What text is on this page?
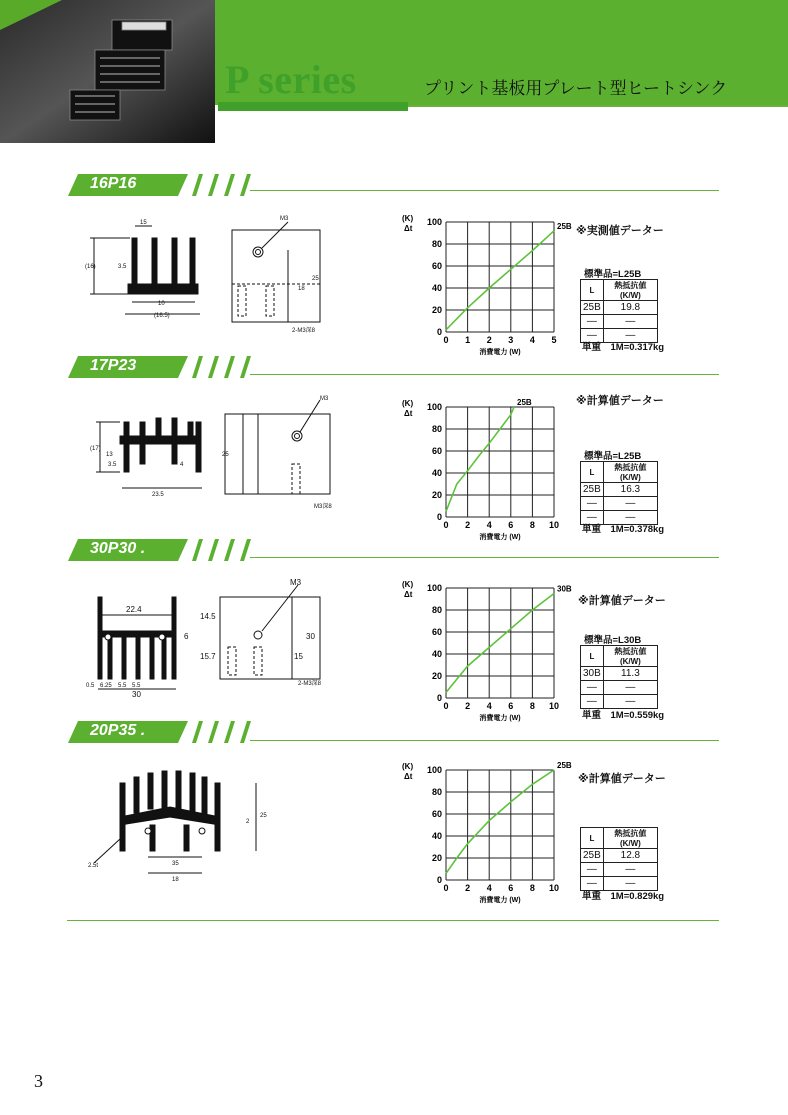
P series	プリント基板用プレート型ヒートシンク
16P16
M3
(16)	3.5
15
10
(16.5)
25
18
2-M3深8
0 1 2 3 4 5
0
20
40
60
80
100
(K)
Δt
消費電力 (W)
25B ※実測値データー
標準品=L25B
L	熱抵抗値(K/W)
25B	19.8
—	—
—	—
単重　1M=0.317kg
17P23
M3
(17)
13
3.5
23.5
25
4
M3深8
0 2 4 6 8 10
0
20
40
60
80
100
(K)
Δt
消費電力 (W)
25B	※計算値データー
標準品=L25B
L	熱抵抗値(K/W)
25B	16.3
—	—
—	—
単重　1M=0.378kg
30P30 .
M3
22.4
14.5
15.7
6
0.5 6.25 5.5 5.5
30
30
15
2-M3深8
0 2 4 6 8 10
0
20
40
60
80
100
(K)
Δt
消費電力 (W)
30B
※計算値データー
標準品=L30B
L	熱抵抗値(K/W)
30B	11.3
—	—
—	—
単重　1M=0.559kg
20P35 .
2.5t	35
18
25
2
0 2 4 6 8 10
0
20
40
60
80
100
(K)
Δt
消費電力 (W)
25B
※計算値データー
L	熱抵抗値(K/W)
25B	12.8
—	—
—	—
単重　1M=0.829kg
3
